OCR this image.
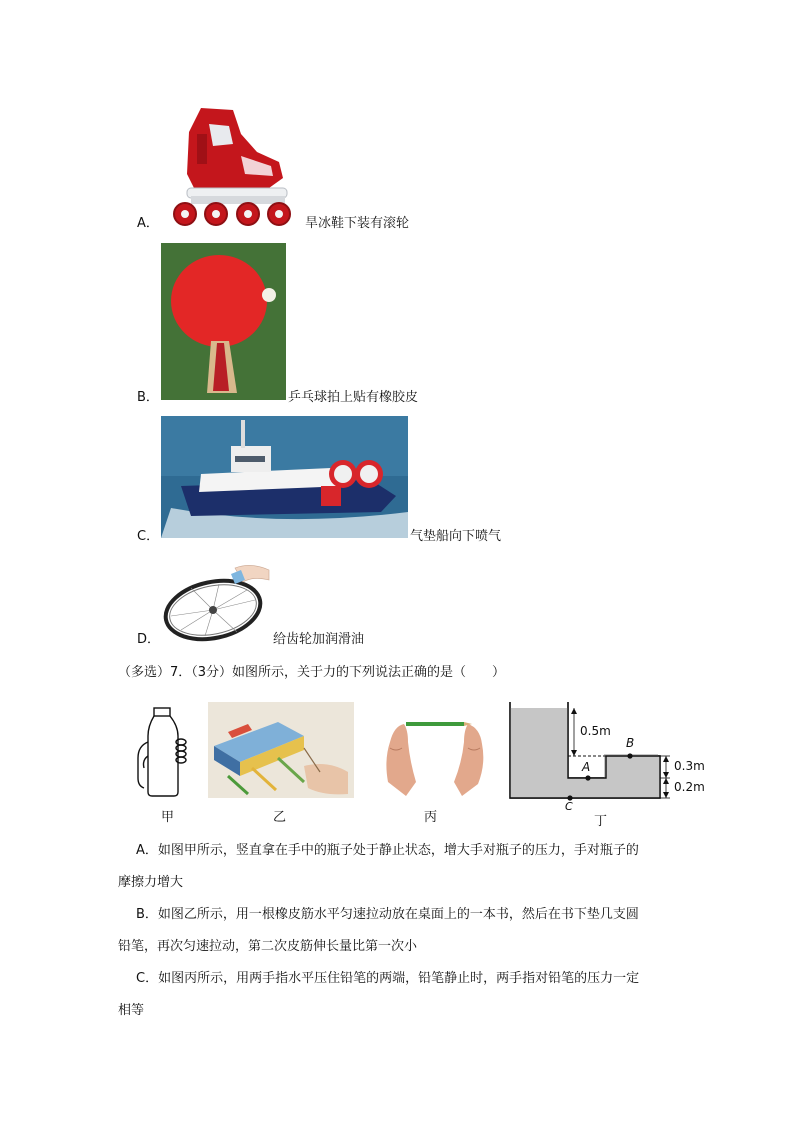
A．	旱冰鞋下装有滚轮
B．	乒乓球拍上贴有橡胶皮
C．	气垫船向下喷气
D．	给齿轮加润滑油
（多选）7．（3分）如图所示，关于力的下列说法正确的是（　　）
甲	乙	丙
0.5m
0.3m
0.2m
A
B
C
丁
A．如图甲所示，竖直拿在手中的瓶子处于静止状态，增大手对瓶子的压力，手对瓶子的
摩擦力增大
B．如图乙所示，用一根橡皮筋水平匀速拉动放在桌面上的一本书，然后在书下垫几支圆
铅笔，再次匀速拉动，第二次皮筋伸长量比第一次小
C．如图丙所示，用两手指水平压住铅笔的两端，铅笔静止时，两手指对铅笔的压力一定
相等
